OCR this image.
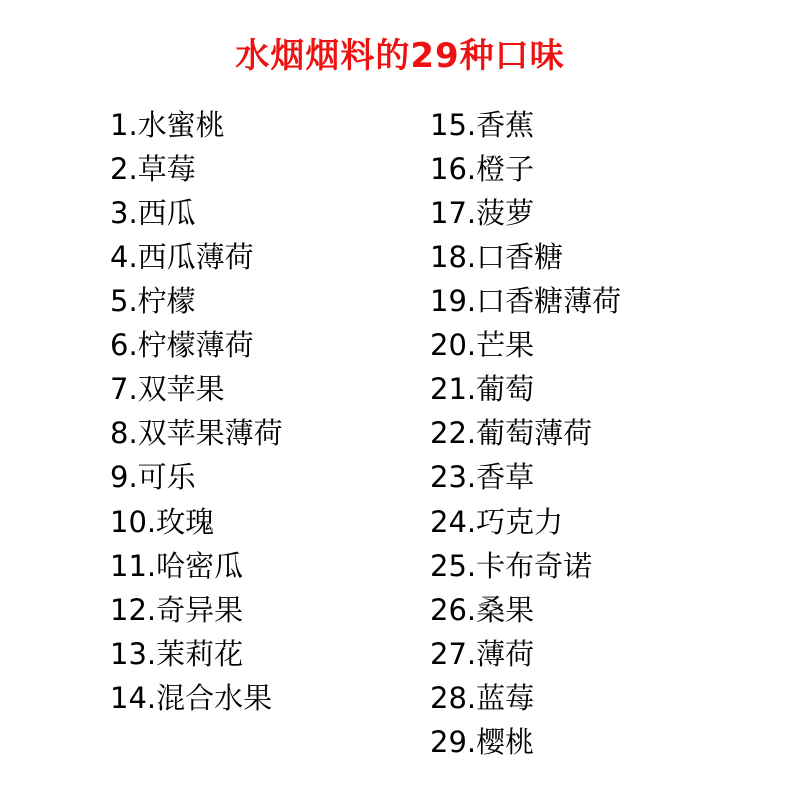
水烟烟料的29种口味
1.水蜜桃
2.草莓
3.西瓜
4.西瓜薄荷
5.柠檬
6.柠檬薄荷
7.双苹果
8.双苹果薄荷
9.可乐
10.玫瑰
11.哈密瓜
12.奇异果
13.茉莉花
14.混合水果
15.香蕉
16.橙子
17.菠萝
18.口香糖
19.口香糖薄荷
20.芒果
21.葡萄
22.葡萄薄荷
23.香草
24.巧克力
25.卡布奇诺
26.桑果
27.薄荷
28.蓝莓
29.樱桃
